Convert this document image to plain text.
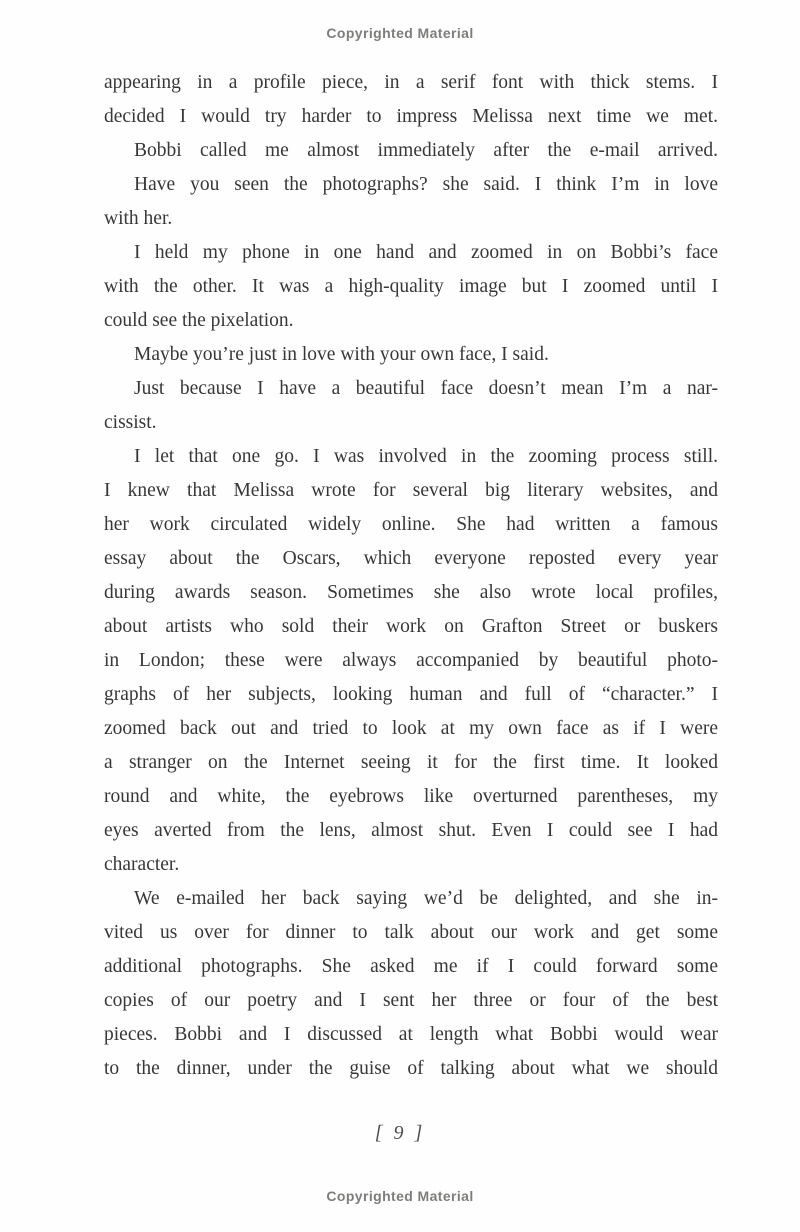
Copyrighted Material
appearing in a profile piece, in a serif font with thick stems. I
decided I would try harder to impress Melissa next time we met.
Bobbi called me almost immediately after the e-mail arrived.
Have you seen the photographs? she said. I think I’m in love
with her.
I held my phone in one hand and zoomed in on Bobbi’s face
with the other. It was a high-quality image but I zoomed until I
could see the pixelation.
Maybe you’re just in love with your own face, I said.
Just because I have a beautiful face doesn’t mean I’m a nar-
cissist.
I let that one go. I was involved in the zooming process still.
I knew that Melissa wrote for several big literary websites, and
her work circulated widely online. She had written a famous
essay about the Oscars, which everyone reposted every year
during awards season. Sometimes she also wrote local profiles,
about artists who sold their work on Grafton Street or buskers
in London; these were always accompanied by beautiful photo-
graphs of her subjects, looking human and full of “character.” I
zoomed back out and tried to look at my own face as if I were
a stranger on the Internet seeing it for the first time. It looked
round and white, the eyebrows like overturned parentheses, my
eyes averted from the lens, almost shut. Even I could see I had
character.
We e-mailed her back saying we’d be delighted, and she in-
vited us over for dinner to talk about our work and get some
additional photographs. She asked me if I could forward some
copies of our poetry and I sent her three or four of the best
pieces. Bobbi and I discussed at length what Bobbi would wear
to the dinner, under the guise of talking about what we should
[ 9 ]
Copyrighted Material
